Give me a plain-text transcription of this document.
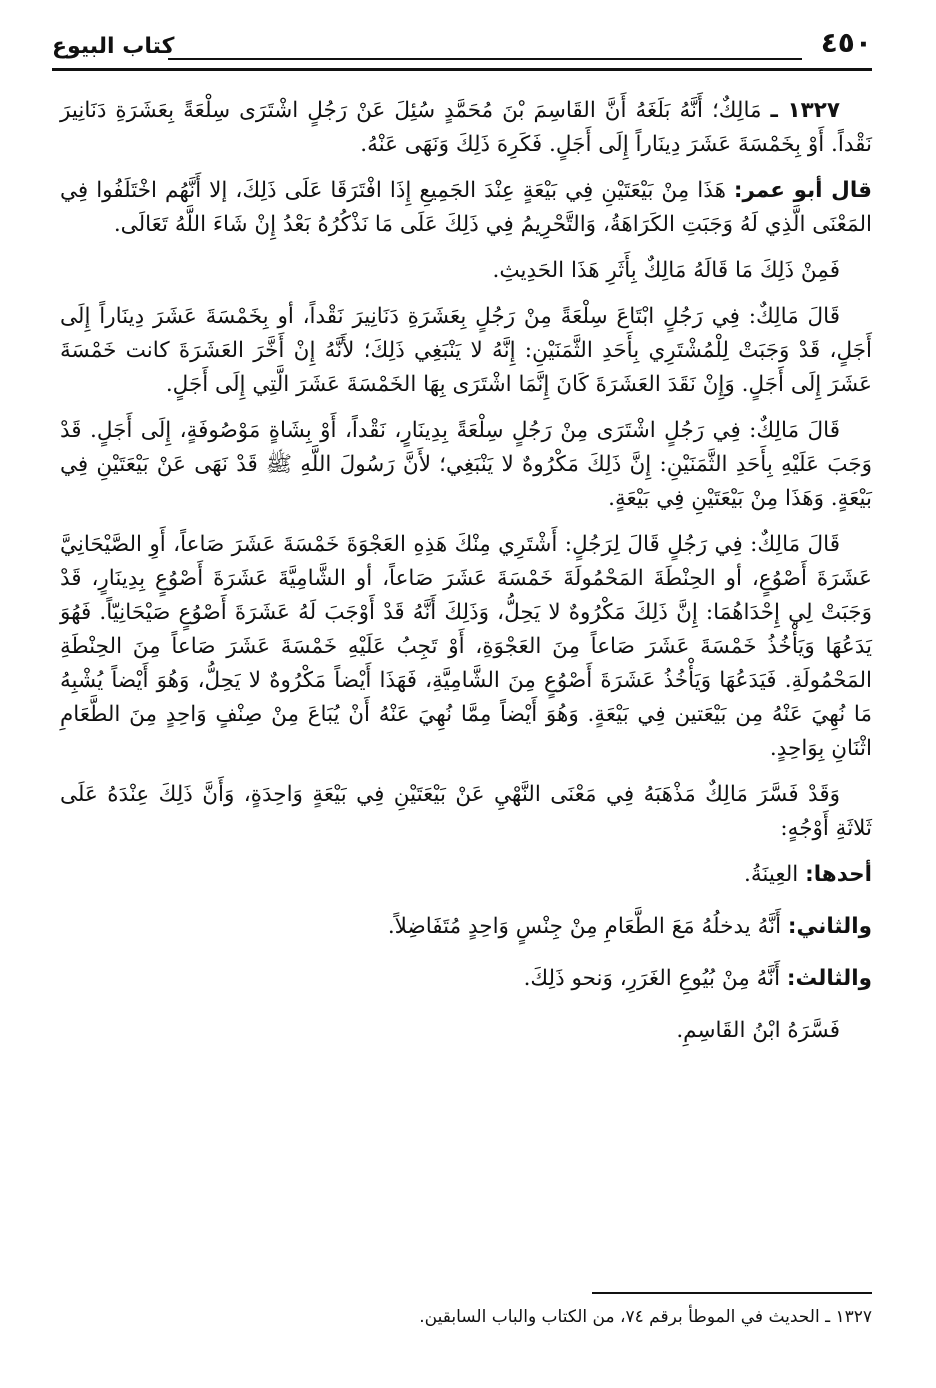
٤٥٠
كتاب البيوع

١٣٢٧ ـ مَالِكٌ؛ أَنَّهُ بَلَغَهُ أَنَّ القَاسِمَ بْنَ مُحَمَّدٍ سُئِلَ عَنْ رَجُلٍ اشْتَرَى سِلْعَةً بِعَشَرَةِ دَنَانِيرَ نَقْداً. أَوْ بِخَمْسَةَ عَشَرَ دِينَاراً إِلَى أَجَلٍ. فَكَرِهَ ذَلِكَ وَنَهَى عَنْهُ.

قال أبو عمر: هَذَا مِنْ بَيْعَتَيْنِ فِي بَيْعَةٍ عِنْدَ الجَمِيعِ إِذَا افْتَرَقَا عَلَى ذَلِكَ، إلا أَنَّهُم اخْتَلَفُوا فِي المَعْنَى الَّذِي لَهُ وَجَبَتِ الكَرَاهَةُ، وَالتَّحْرِيمُ فِي ذَلِكَ عَلَى مَا نَذْكُرُهُ بَعْدُ إِنْ شَاءَ اللَّهُ تَعَالَى.

فَمِنْ ذَلِكَ مَا قَالَهُ مَالِكٌ بِأَثَرِ هَذَا الحَدِيثِ.

قَالَ مَالِكٌ: فِي رَجُلٍ ابْتَاعَ سِلْعَةً مِنْ رَجُلٍ بِعَشَرَةِ دَنَانِيرَ نَقْداً، أو بِخَمْسَةَ عَشَرَ دِينَاراً إِلَى أَجَلٍ، قَدْ وَجَبَتْ لِلْمُشْتَرِي بِأَحَدِ الثَّمَنَيْنِ: إِنَّهُ لا يَنْبَغِي ذَلِكَ؛ لأَنَّهُ إِنْ أَخَّرَ العَشَرَةَ كانت خَمْسَةَ عَشَرَ إِلَى أَجَلٍ. وَإِنْ نَقَدَ العَشَرَةَ كَانَ إِنَّمَا اشْتَرَى بِهَا الخَمْسَةَ عَشَرَ الَّتِي إِلَى أَجَلٍ.

قَالَ مَالِكٌ: فِي رَجُلٍ اشْتَرَى مِنْ رَجُلٍ سِلْعَةً بِدِينَارٍ، نَقْداً، أَوْ بِشَاةٍ مَوْصُوفَةٍ، إِلَى أَجَلٍ. قَدْ وَجَبَ عَلَيْهِ بِأَحَدِ الثَّمَنَيْنِ: إِنَّ ذَلِكَ مَكْرُوهٌ لا يَنْبَغِي؛ لأَنَّ رَسُولَ اللَّهِ ﷺ قَدْ نَهَى عَنْ بَيْعَتَيْنِ فِي بَيْعَةٍ. وَهَذَا مِنْ بَيْعَتَيْنِ فِي بَيْعَةٍ.

قَالَ مَالِكٌ: فِي رَجُلٍ قَالَ لِرَجُلٍ: أَشْتَرِي مِنْكَ هَذِهِ العَجْوَةَ خَمْسَةَ عَشَرَ صَاعاً، أَوِ الصَّيْحَانِيَّ عَشَرَةَ أَصْوُعٍ، أو الحِنْطَةَ المَحْمُولَةَ خَمْسَةَ عَشَرَ صَاعاً، أو الشَّامِيَّةَ عَشَرَةَ أَصْوُعٍ بِدِينَارٍ، قَدْ وَجَبَتْ لِي إِحْدَاهُمَا: إِنَّ ذَلِكَ مَكْرُوهٌ لا يَحِلُّ، وَذَلِكَ أَنَّهُ قَدْ أَوْجَبَ لَهُ عَشَرَةَ أَصْوُعٍ صَيْحَانِيّاً. فَهُوَ يَدَعُهَا وَيَأْخُذُ خَمْسَةَ عَشَرَ صَاعاً مِنَ العَجْوَةِ، أَوْ تَجِبُ عَلَيْهِ خَمْسَةَ عَشَرَ صَاعاً مِنَ الحِنْطَةِ المَحْمُولَةِ. فَيَدَعُهَا وَيَأْخُذُ عَشَرَةَ أَصْوُعٍ مِنَ الشَّامِيَّةِ، فَهَذَا أَيْضاً مَكْرُوهٌ لا يَحِلُّ، وَهُوَ أَيْضاً يُشْبِهُ مَا نُهِيَ عَنْهُ مِن بَيْعَتين فِي بَيْعَةٍ. وَهُوَ أَيْضاً مِمَّا نُهِيَ عَنْهُ أَنْ يُبَاعَ مِنْ صِنْفٍ وَاحِدٍ مِنَ الطَّعَامِ اثْنَانِ بِوَاحِدٍ.

وَقَدْ فَسَّرَ مَالِكٌ مَذْهَبَهُ فِي مَعْنَى النَّهْيِ عَنْ بَيْعَتَيْنِ فِي بَيْعَةٍ وَاحِدَةٍ، وَأَنَّ ذَلِكَ عِنْدَهُ عَلَى ثَلاثَةِ أَوْجُهٍ:

أحدها: العِينَةُ.

والثاني: أَنَّهُ يدخلُهُ مَعَ الطَّعَامِ مِنْ جِنْسٍ وَاحِدٍ مُتَفَاضِلاً.

والثالث: أَنَّهُ مِنْ بُيُوعِ الغَرَرِ، وَنحو ذَلِكَ.

فَسَّرَهُ ابْنُ القَاسِمِ.

١٣٢٧ ـ الحديث في الموطأ برقم ٧٤، من الكتاب والباب السابقين.
